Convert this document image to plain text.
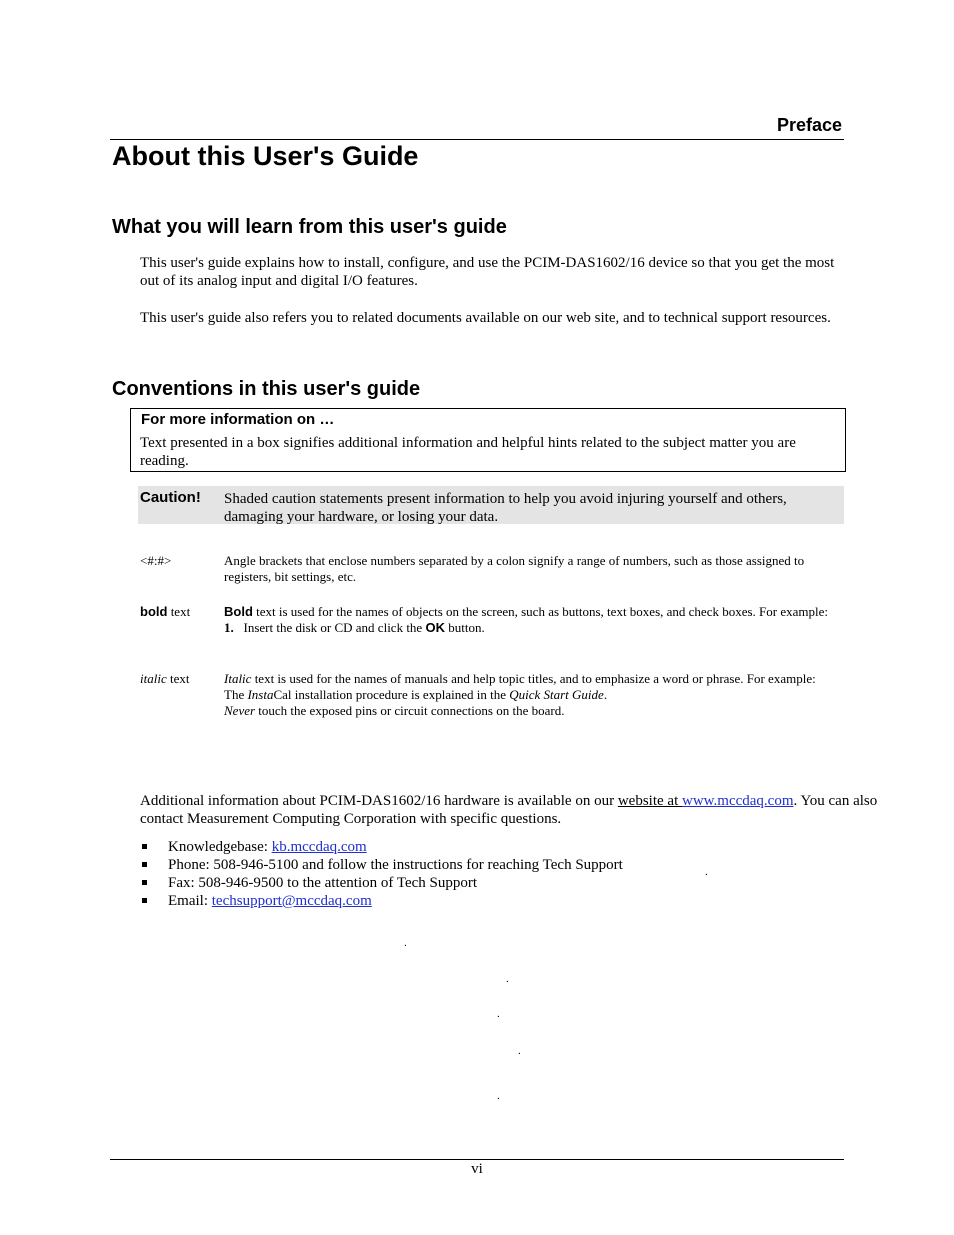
Preface
About this User's Guide
What you will learn from this user's guide
This user's guide explains how to install, configure, and use the PCIM-DAS1602/16 device so that you get the most out of its analog input and digital I/O features.
This user's guide also refers you to related documents available on our web site, and to technical support resources.
Conventions in this user's guide
For more information on …
Text presented in a box signifies additional information and helpful hints related to the subject matter you are reading.
Caution! Shaded caution statements present information to help you avoid injuring yourself and others, damaging your hardware, or losing your data.
<#:#>	Angle brackets that enclose numbers separated by a colon signify a range of numbers, such as those assigned to registers, bit settings, etc.
bold text	Bold text is used for the names of objects on the screen, such as buttons, text boxes, and check boxes. For example:
1. Insert the disk or CD and click the OK button.
italic text	Italic text is used for the names of manuals and help topic titles, and to emphasize a word or phrase. For example:
The InstaCal installation procedure is explained in the Quick Start Guide.
Never touch the exposed pins or circuit connections on the board.
Additional information about PCIM-DAS1602/16 hardware is available on our website at www.mccdaq.com. You can also contact Measurement Computing Corporation with specific questions.
Knowledgebase: kb.mccdaq.com
Phone: 508-946-5100 and follow the instructions for reaching Tech Support
Fax: 508-946-9500 to the attention of Tech Support
Email: techsupport@mccdaq.com
.
.
.
.
.
.
vi
